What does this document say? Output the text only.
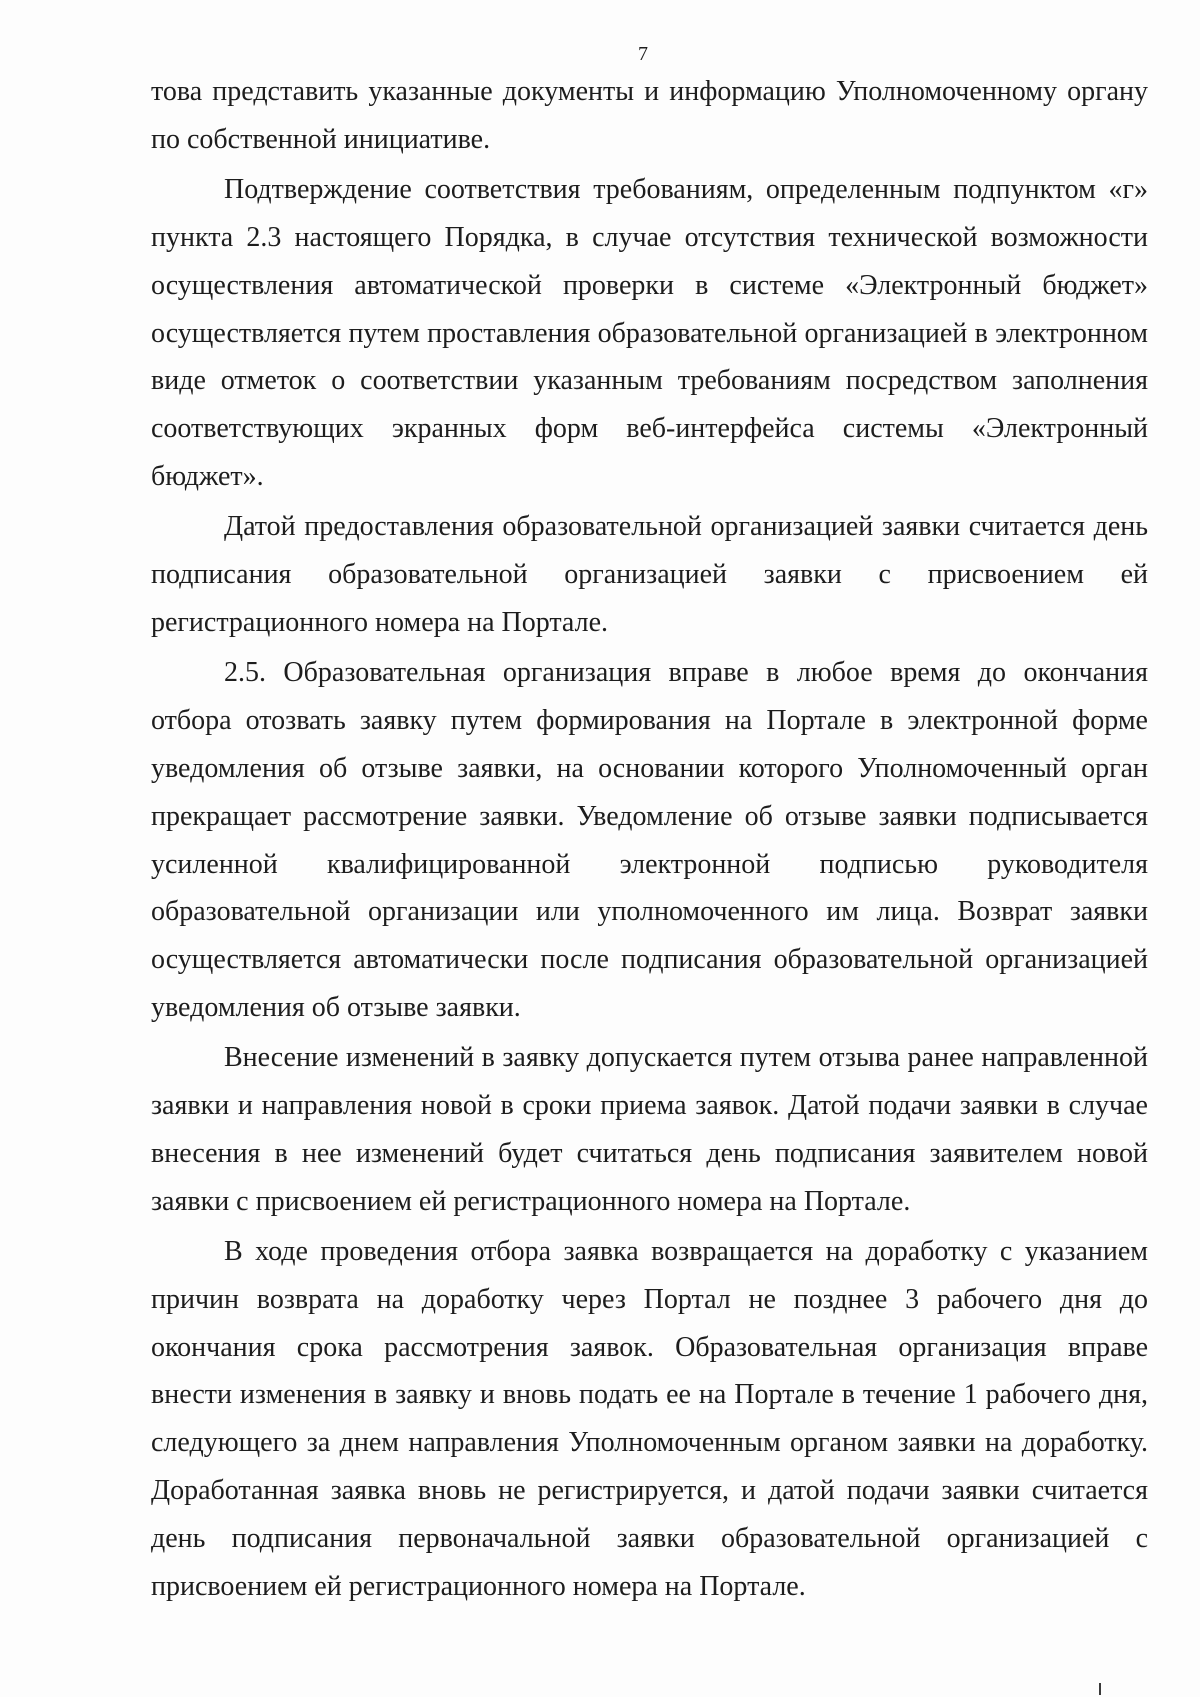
7

това представить указанные документы и информацию Уполномоченному органу по собственной инициативе.

Подтверждение соответствия требованиям, определенным подпунктом «г» пункта 2.3 настоящего Порядка, в случае отсутствия технической возможности осуществления автоматической проверки в системе «Электронный бюджет» осуществляется путем проставления образовательной организацией в электронном виде отметок о соответствии указанным требованиям посредством заполнения соответствующих экранных форм веб-интерфейса системы «Электронный бюджет».

Датой предоставления образовательной организацией заявки считается день подписания образовательной организацией заявки с присвоением ей регистрационного номера на Портале.

2.5. Образовательная организация вправе в любое время до окончания отбора отозвать заявку путем формирования на Портале в электронной форме уведомления об отзыве заявки, на основании которого Уполномоченный орган прекращает рассмотрение заявки. Уведомление об отзыве заявки подписывается усиленной квалифицированной электронной подписью руководителя образовательной организации или уполномоченного им лица. Возврат заявки осуществляется автоматически после подписания образовательной организацией уведомления об отзыве заявки.

Внесение изменений в заявку допускается путем отзыва ранее направленной заявки и направления новой в сроки приема заявок. Датой подачи заявки в случае внесения в нее изменений будет считаться день подписания заявителем новой заявки с присвоением ей регистрационного номера на Портале.

В ходе проведения отбора заявка возвращается на доработку с указанием причин возврата на доработку через Портал не позднее 3 рабочего дня до окончания срока рассмотрения заявок. Образовательная организация вправе внести изменения в заявку и вновь подать ее на Портале в течение 1 рабочего дня, следующего за днем направления Уполномоченным органом заявки на доработку. Доработанная заявка вновь не регистрируется, и датой подачи заявки считается день подписания первоначальной заявки образовательной организацией с присвоением ей регистрационного номера на Портале.
